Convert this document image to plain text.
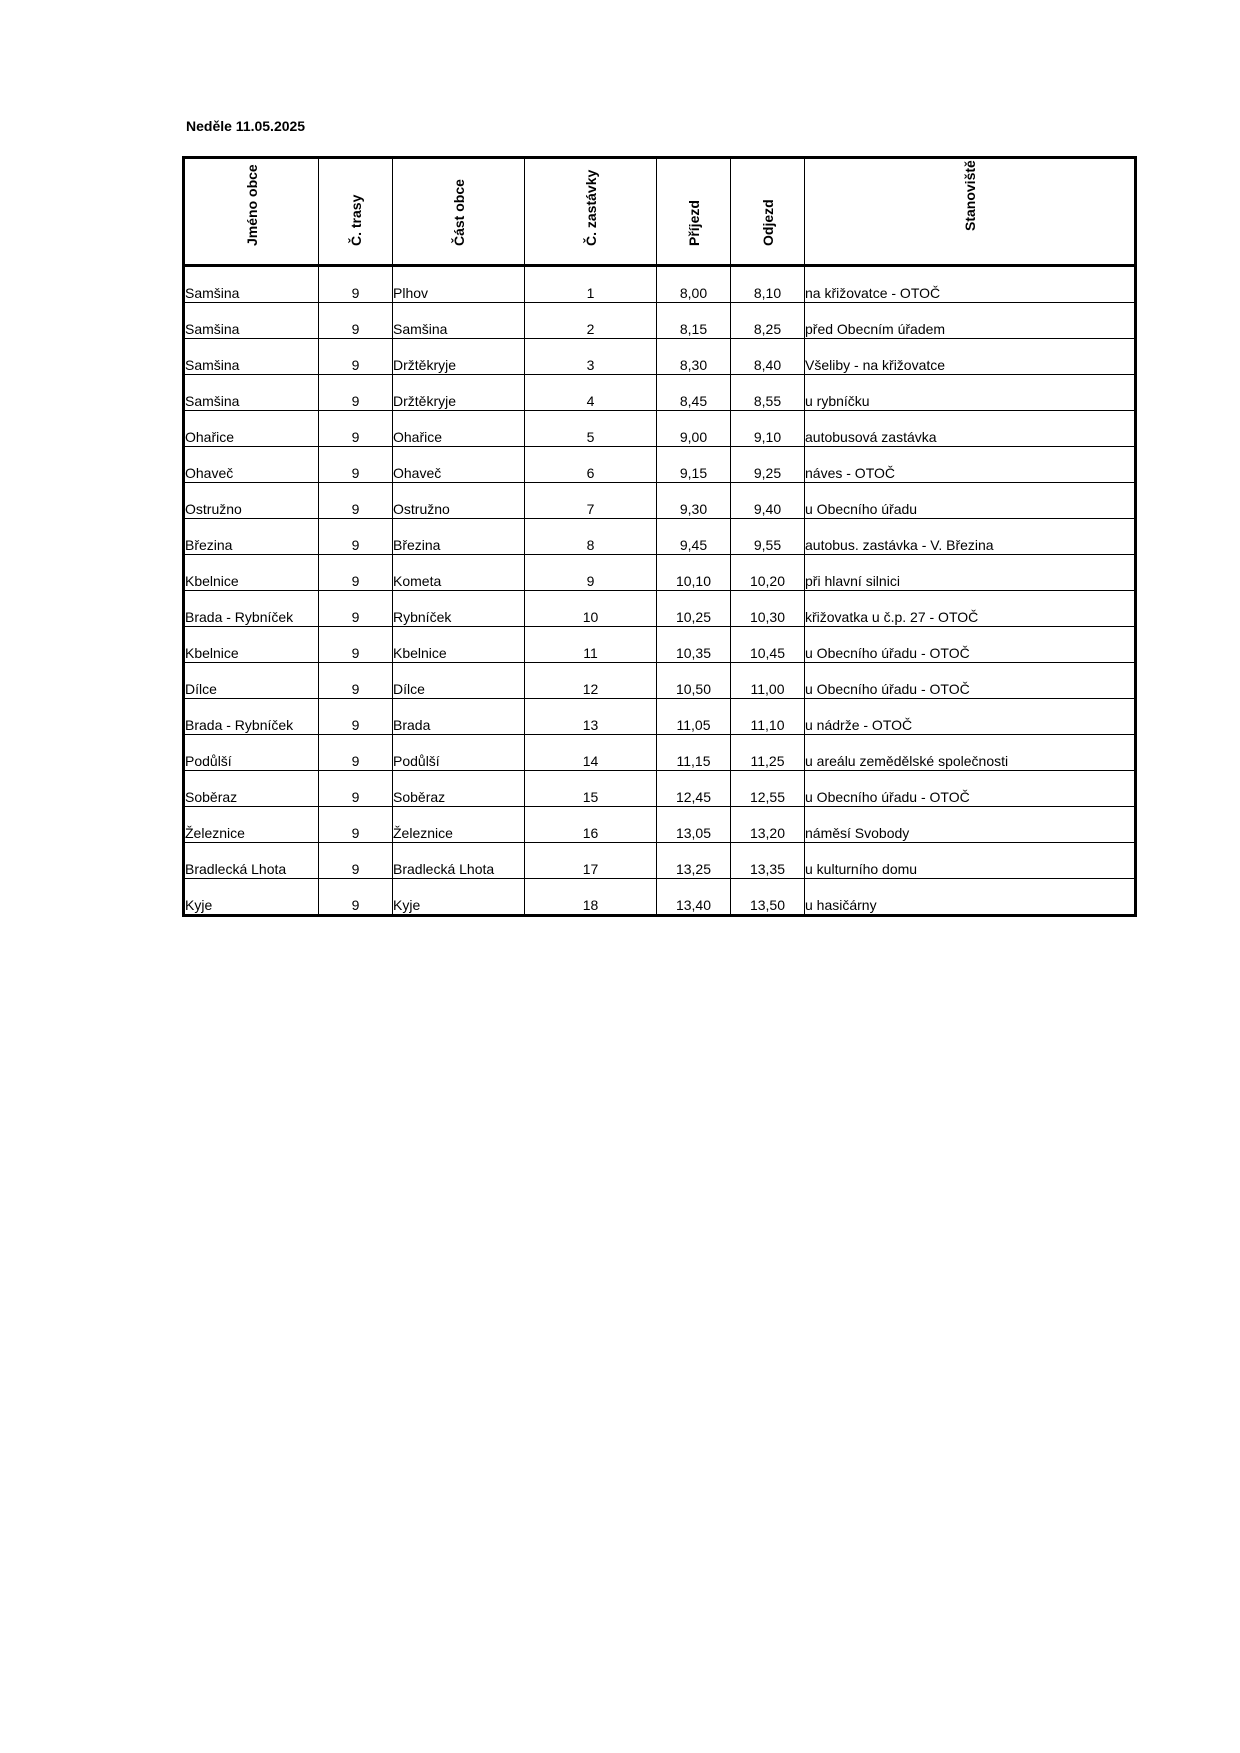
Neděle 11.05.2025
Jméno obce	Č. trasy	Část obce	Č. zastávky	Příjezd	Odjezd	Stanoviště

Samšina	9	Plhov	1	8,00	8,10	na křižovatce - OTOČ
Samšina	9	Samšina	2	8,15	8,25	před Obecním úřadem
Samšina	9	Držtěkryje	3	8,30	8,40	Všeliby - na křižovatce
Samšina	9	Držtěkryje	4	8,45	8,55	u rybníčku
Ohařice	9	Ohařice	5	9,00	9,10	autobusová zastávka
Ohaveč	9	Ohaveč	6	9,15	9,25	náves - OTOČ
Ostružno	9	Ostružno	7	9,30	9,40	u Obecního úřadu
Březina	9	Březina	8	9,45	9,55	autobus. zastávka - V. Březina
Kbelnice	9	Kometa	9	10,10	10,20	při hlavní silnici
Brada - Rybníček	9	Rybníček	10	10,25	10,30	křižovatka u č.p. 27 - OTOČ
Kbelnice	9	Kbelnice	11	10,35	10,45	u Obecního úřadu - OTOČ
Dílce	9	Dílce	12	10,50	11,00	u Obecního úřadu - OTOČ
Brada - Rybníček	9	Brada	13	11,05	11,10	u nádrže - OTOČ
Podůlší	9	Podůlší	14	11,15	11,25	u areálu zemědělské společnosti
Soběraz	9	Soběraz	15	12,45	12,55	u Obecního úřadu - OTOČ
Železnice	9	Železnice	16	13,05	13,20	náměsí Svobody
Bradlecká Lhota	9	Bradlecká Lhota	17	13,25	13,35	u kulturního domu
Kyje	9	Kyje	18	13,40	13,50	u hasičárny
